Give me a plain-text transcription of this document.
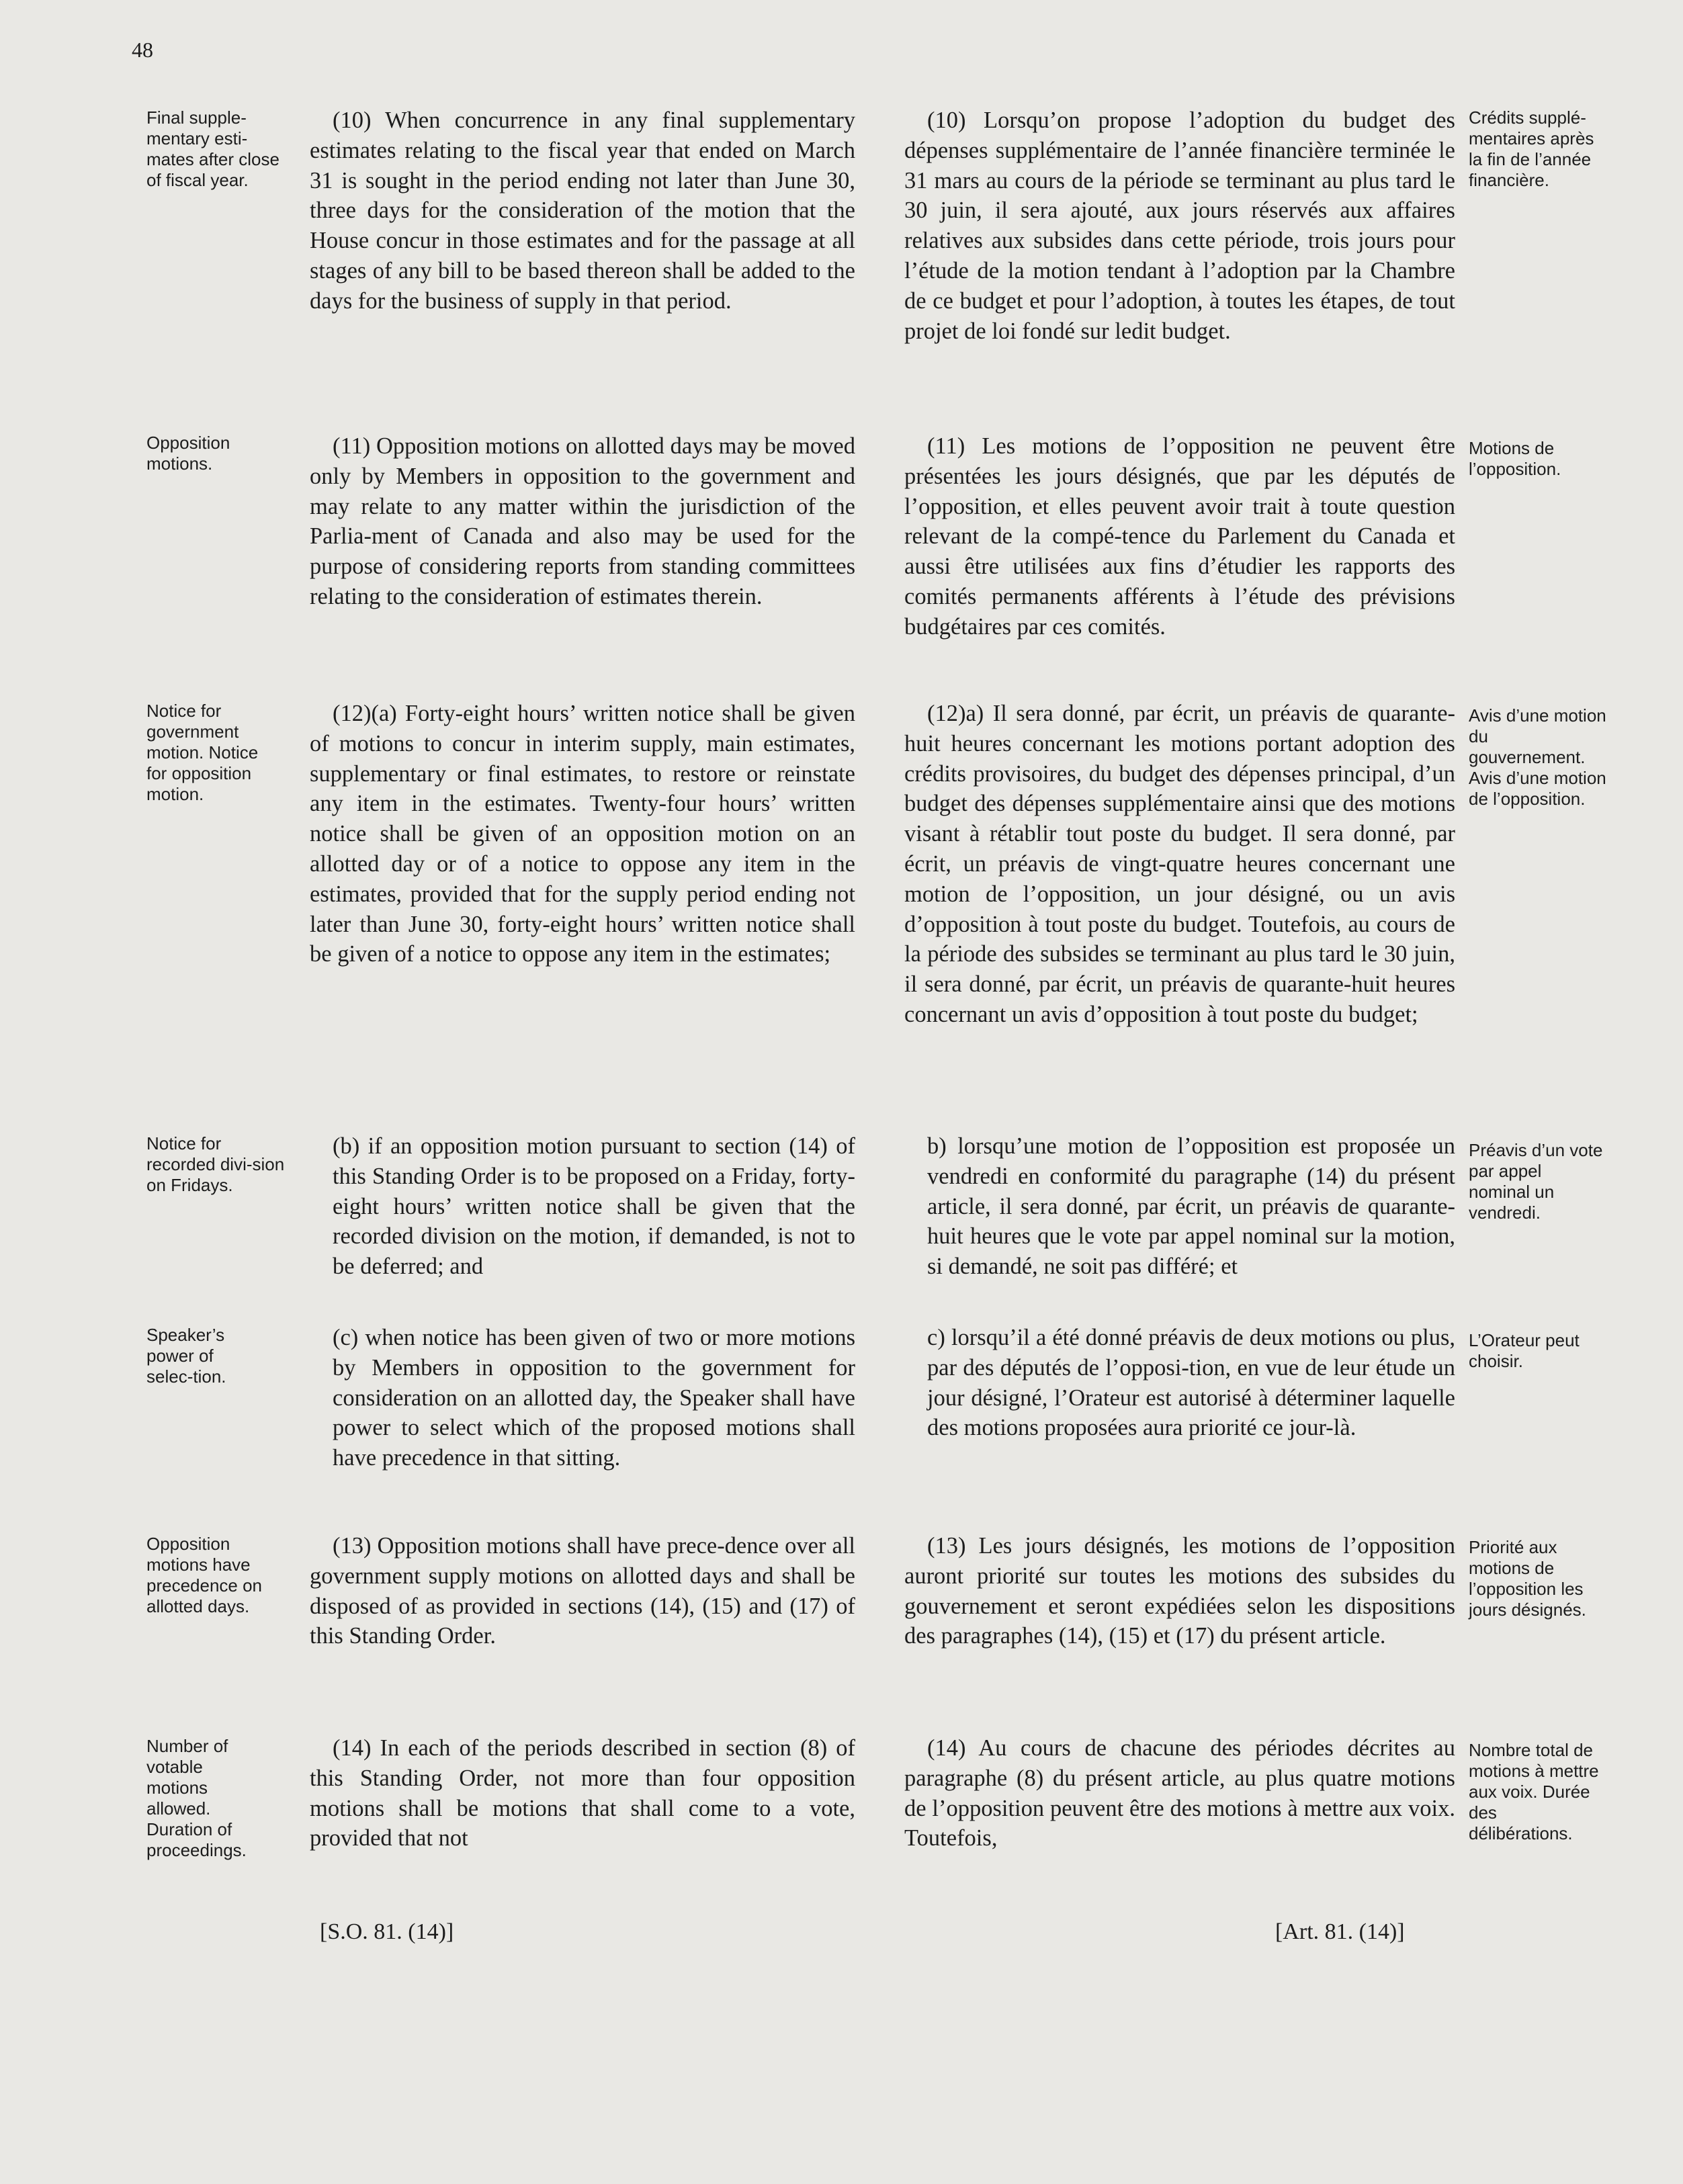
48
Final supple-mentary esti-mates after close of fiscal year.
(10) When concurrence in any final supplementary estimates relating to the fiscal year that ended on March 31 is sought in the period ending not later than June 30, three days for the consideration of the motion that the House concur in those estimates and for the passage at all stages of any bill to be based thereon shall be added to the days for the business of supply in that period.
(10) Lorsqu’on propose l’adoption du budget des dépenses supplémentaire de l’année financière terminée le 31 mars au cours de la période se terminant au plus tard le 30 juin, il sera ajouté, aux jours réservés aux affaires relatives aux subsides dans cette période, trois jours pour l’étude de la motion tendant à l’adoption par la Chambre de ce budget et pour l’adoption, à toutes les étapes, de tout projet de loi fondé sur ledit budget.
Crédits supplé-mentaires après la fin de l’année financière.
Opposition motions.
(11) Opposition motions on allotted days may be moved only by Members in opposition to the government and may relate to any matter within the jurisdiction of the Parlia-ment of Canada and also may be used for the purpose of considering reports from standing committees relating to the consideration of estimates therein.
(11) Les motions de l’opposition ne peuvent être présentées les jours désignés, que par les députés de l’opposition, et elles peuvent avoir trait à toute question relevant de la compé-tence du Parlement du Canada et aussi être utilisées aux fins d’étudier les rapports des comités permanents afférents à l’étude des prévisions budgétaires par ces comités.
Motions de l’opposition.
Notice for government motion. Notice for opposition motion.
(12)(a) Forty-eight hours’ written notice shall be given of motions to concur in interim supply, main estimates, supplementary or final estimates, to restore or reinstate any item in the estimates. Twenty-four hours’ written notice shall be given of an opposition motion on an allotted day or of a notice to oppose any item in the estimates, provided that for the supply period ending not later than June 30, forty-eight hours’ written notice shall be given of a notice to oppose any item in the estimates;
(12)a) Il sera donné, par écrit, un préavis de quarante-huit heures concernant les motions portant adoption des crédits provisoires, du budget des dépenses principal, d’un budget des dépenses supplémentaire ainsi que des motions visant à rétablir tout poste du budget. Il sera donné, par écrit, un préavis de vingt-quatre heures concernant une motion de l’opposition, un jour désigné, ou un avis d’opposition à tout poste du budget. Toutefois, au cours de la période des subsides se terminant au plus tard le 30 juin, il sera donné, par écrit, un préavis de quarante-huit heures concernant un avis d’opposition à tout poste du budget;
Avis d’une motion du gouvernement. Avis d’une motion de l’opposition.
Notice for recorded divi-sion on Fridays.
(b) if an opposition motion pursuant to section (14) of this Standing Order is to be proposed on a Friday, forty-eight hours’ written notice shall be given that the recorded division on the motion, if demanded, is not to be deferred; and
b) lorsqu’une motion de l’opposition est proposée un vendredi en conformité du paragraphe (14) du présent article, il sera donné, par écrit, un préavis de quarante-huit heures que le vote par appel nominal sur la motion, si demandé, ne soit pas différé; et
Préavis d’un vote par appel nominal un vendredi.
Speaker’s power of selec-tion.
(c) when notice has been given of two or more motions by Members in opposition to the government for consideration on an allotted day, the Speaker shall have power to select which of the proposed motions shall have precedence in that sitting.
c) lorsqu’il a été donné préavis de deux motions ou plus, par des députés de l’opposi-tion, en vue de leur étude un jour désigné, l’Orateur est autorisé à déterminer laquelle des motions proposées aura priorité ce jour-là.
L’Orateur peut choisir.
Opposition motions have precedence on allotted days.
(13) Opposition motions shall have prece-dence over all government supply motions on allotted days and shall be disposed of as provided in sections (14), (15) and (17) of this Standing Order.
(13) Les jours désignés, les motions de l’opposition auront priorité sur toutes les motions des subsides du gouvernement et seront expédiées selon les dispositions des paragraphes (14), (15) et (17) du présent article.
Priorité aux motions de l’opposition les jours désignés.
Number of votable motions allowed. Duration of proceedings.
(14) In each of the periods described in section (8) of this Standing Order, not more than four opposition motions shall be motions that shall come to a vote, provided that not
(14) Au cours de chacune des périodes décrites au paragraphe (8) du présent article, au plus quatre motions de l’opposition peuvent être des motions à mettre aux voix. Toutefois,
Nombre total de motions à mettre aux voix. Durée des délibérations.
[S.O. 81. (14)]	[Art. 81. (14)]
